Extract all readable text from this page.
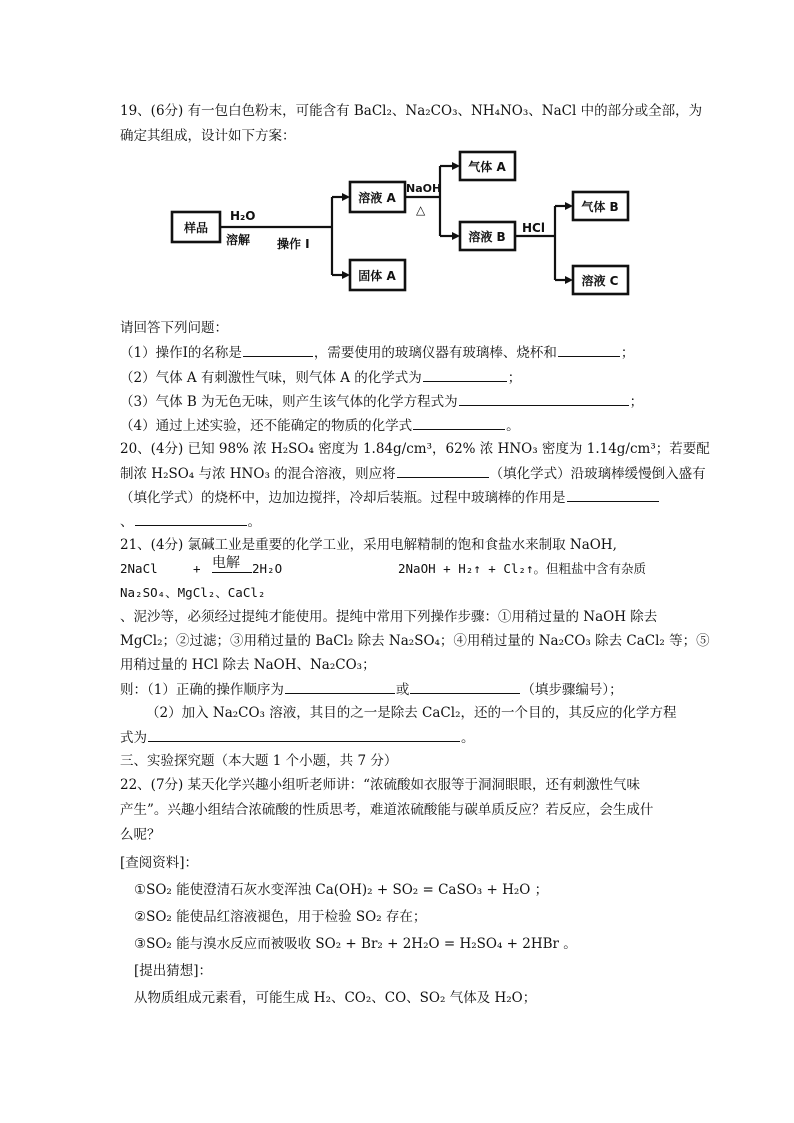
19、(6分) 有一包白色粉末，可能含有 BaCl₂、Na₂CO₃、NH₄NO₃、NaCl 中的部分或全部，为
确定其组成，设计如下方案：
样品
溶液 A
固体 A
气体 A
溶液 B
气体 B
溶液 C
H₂O
溶解 操作 I
NaOH
△
HCl
请回答下列问题：
（1）操作Ⅰ的名称是	，需要使用的玻璃仪器有玻璃棒、烧杯和	；
（2）气体 A 有刺激性气味，则气体 A 的化学式为	；
（3）气体 B 为无色无味，则产生该气体的化学方程式为	；
（4）通过上述实验，还不能确定的物质的化学式	。
20、(4分) 已知 98% 浓 H₂SO₄ 密度为 1.84g/cm³，62% 浓 HNO₃ 密度为 1.14g/cm³；若要配
制浓 H₂SO₄ 与浓 HNO₃ 的混合溶液，则应将	（填化学式）沿玻璃棒缓慢倒入盛有
（填化学式）的烧杯中，边加边搅拌，冷却后装瓶。过程中玻璃棒的作用是
、	。
21、(4分) 氯碱工业是重要的化学工业，采用电解精制的饱和食盐水来制取 NaOH,
2NaCl	+ 电解 2H₂O	2NaOH + H₂↑ + Cl₂↑。但粗盐中含有杂质
Na₂SO₄、MgCl₂、CaCl₂
、泥沙等，必须经过提纯才能使用。提纯中常用下列操作步骤：①用稍过量的 NaOH 除去
MgCl₂；②过滤；③用稍过量的 BaCl₂ 除去 Na₂SO₄；④用稍过量的 Na₂CO₃ 除去 CaCl₂ 等；⑤
用稍过量的 HCl 除去 NaOH、Na₂CO₃；
则：（1）正确的操作顺序为	或	（填步骤编号）；
（2）加入 Na₂CO₃ 溶液，其目的之一是除去 CaCl₂，还的一个目的，其反应的化学方程
式为	。
三、实验探究题（本大题 1 个小题，共 7 分）
22、(7分) 某天化学兴趣小组听老师讲：“浓硫酸如衣服等于洞洞眼眼，还有刺激性气味
产生”。兴趣小组结合浓硫酸的性质思考，难道浓硫酸能与碳单质反应？若反应，会生成什
么呢？
[查阅资料]：
①SO₂ 能使澄清石灰水变浑浊 Ca(OH)₂ + SO₂ = CaSO₃ + H₂O ；
②SO₂ 能使品红溶液褪色，用于检验 SO₂ 存在；
③SO₂ 能与溴水反应而被吸收 SO₂ + Br₂ + 2H₂O = H₂SO₄ + 2HBr 。
[提出猜想]：
从物质组成元素看，可能生成 H₂、CO₂、CO、SO₂ 气体及 H₂O；
